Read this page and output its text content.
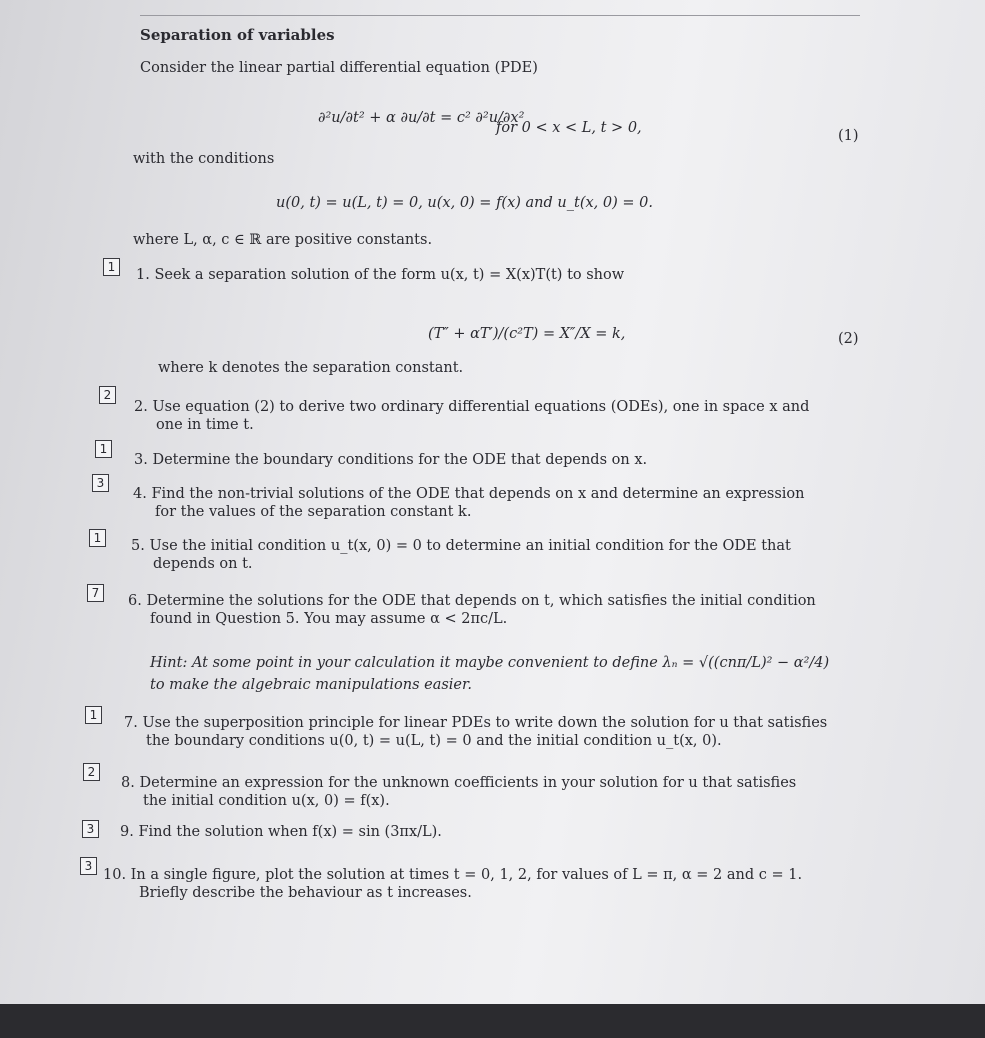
Separation of variables
Consider the linear partial differential equation (PDE)
∂²u/∂t² + α ∂u/∂t = c² ∂²u/∂x²
for 0 < x < L, t > 0,	(1)
with the conditions
u(0, t) = u(L, t) = 0, u(x, 0) = f(x) and u_t(x, 0) = 0.
where L, α, c ∈ ℝ are positive constants.
1	1. Seek a separation solution of the form u(x, t) = X(x)T(t) to show
(T″ + αT′)/(c²T) = X″/X = k,	(2)
where k denotes the separation constant.
2
2. Use equation (2) to derive two ordinary differential equations (ODEs), one in space x and
one in time t.
1
3. Determine the boundary conditions for the ODE that depends on x.
3
4. Find the non-trivial solutions of the ODE that depends on x and determine an expression
for the values of the separation constant k.
1	5. Use the initial condition u_t(x, 0) = 0 to determine an initial condition for the ODE that
depends on t.
7	6. Determine the solutions for the ODE that depends on t, which satisfies the initial condition
found in Question 5. You may assume α < 2πc/L.
Hint: At some point in your calculation it maybe convenient to define λₙ = √((cnπ/L)² − α²/4)
to make the algebraic manipulations easier.
1	7. Use the superposition principle for linear PDEs to write down the solution for u that satisfies
the boundary conditions u(0, t) = u(L, t) = 0 and the initial condition u_t(x, 0).
2
8. Determine an expression for the unknown coefficients in your solution for u that satisfies
the initial condition u(x, 0) = f(x).
3	9. Find the solution when f(x) = sin (3πx/L).
3
10. In a single figure, plot the solution at times t = 0, 1, 2, for values of L = π, α = 2 and c = 1.
Briefly describe the behaviour as t increases.
